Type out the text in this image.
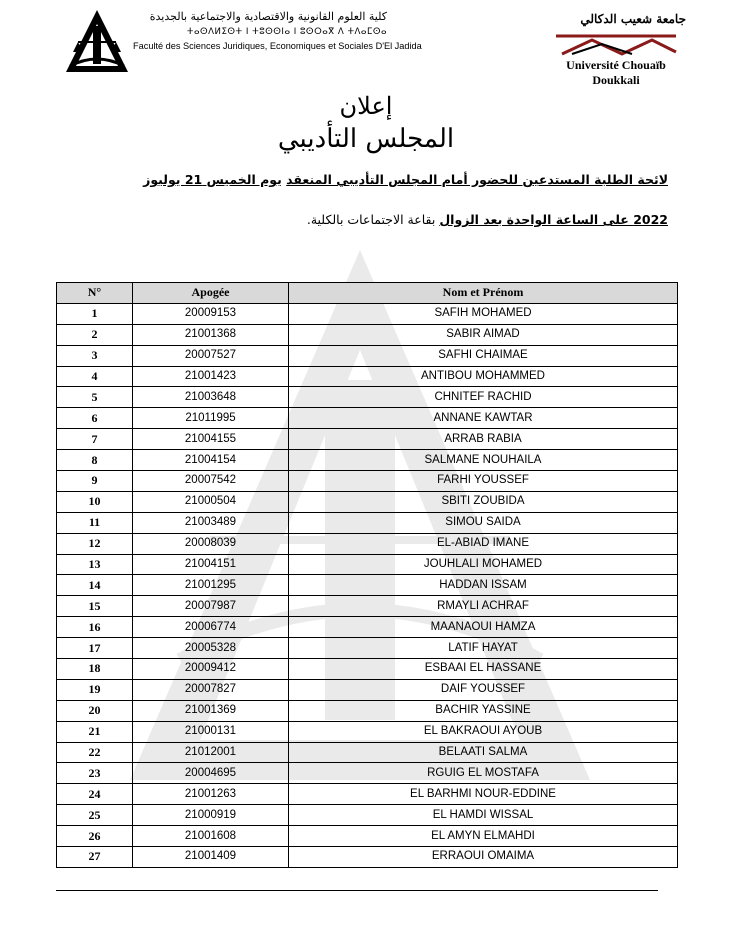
كلية العلوم القانونية والاقتصادية والاجتماعية بالجديدة
ⵜⴰⵙⴷⵍⵉⵙⵜ ⵏ ⵜⵓⵙⵙⵏⴰ ⵏ ⵓⵙⵔⴰⴳ ⴷ ⵜⴷⴰⵎⵙⴰ
Faculté des Sciences Juridiques, Economiques et Sociales D'El Jadida
جامعة شعيب الدكالي
Université Chouaïb Doukkali
إعلان
المجلس التأديبي
لائحة الطلبة المستدعين للحضور أمام المجلس التأديبي المنعقد يوم الخميس 21 يوليوز
2022 على الساعة الواحدة بعد الزوال بقاعة الاجتماعات بالكلية.
N°	Apogée	Nom et Prénom
1	20009153	SAFIH MOHAMED
2	21001368	SABIR AIMAD
3	20007527	SAFHI CHAIMAE
4	21001423	ANTIBOU MOHAMMED
5	21003648	CHNITEF RACHID
6	21011995	ANNANE KAWTAR
7	21004155	ARRAB RABIA
8	21004154	SALMANE NOUHAILA
9	20007542	FARHI YOUSSEF
10	21000504	SBITI ZOUBIDA
11	21003489	SIMOU SAIDA
12	20008039	EL-ABIAD IMANE
13	21004151	JOUHLALI MOHAMED
14	21001295	HADDAN ISSAM
15	20007987	RMAYLI ACHRAF
16	20006774	MAANAOUI HAMZA
17	20005328	LATIF HAYAT
18	20009412	ESBAAI EL HASSANE
19	20007827	DAIF YOUSSEF
20	21001369	BACHIR YASSINE
21	21000131	EL BAKRAOUI AYOUB
22	21012001	BELAATI SALMA
23	20004695	RGUIG EL MOSTAFA
24	21001263	EL BARHMI NOUR-EDDINE
25	21000919	EL HAMDI WISSAL
26	21001608	EL AMYN ELMAHDI
27	21001409	ERRAOUI OMAIMA
